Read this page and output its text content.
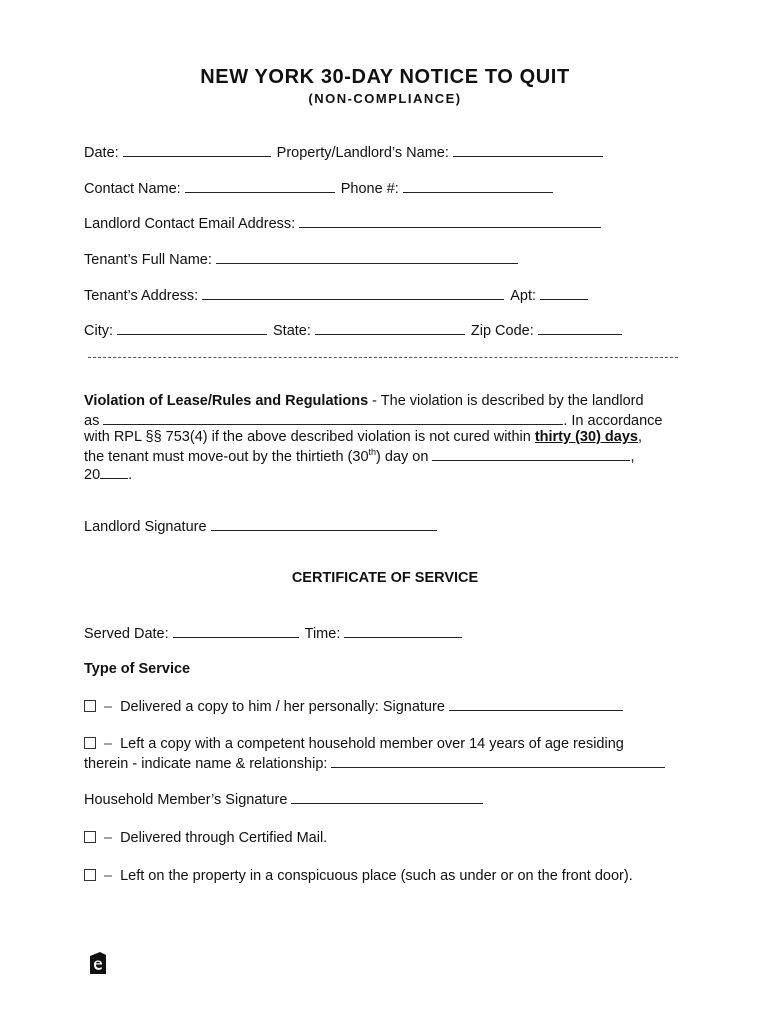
NEW YORK 30-DAY NOTICE TO QUIT
(NON-COMPLIANCE)
Date:	Property/Landlord’s Name:
Contact Name:	Phone #:
Landlord Contact Email Address:
Tenant’s Full Name:
Tenant’s Address:	Apt:
City:	State:	Zip Code:
Violation of Lease/Rules and Regulations - The violation is described by the landlord
as	. In accordance
with RPL §§ 753(4) if the above described violation is not cured within thirty (30) days,
the tenant must move-out by the thirtieth (30th) day on	,
20 .
Landlord Signature
CERTIFICATE OF SERVICE
Served Date:	Time:
Type of Service
– Delivered a copy to him / her personally: Signature
– Left a copy with a competent household member over 14 years of age residing
therein - indicate name & relationship:
Household Member’s Signature
– Delivered through Certified Mail.
– Left on the property in a conspicuous place (such as under or on the front door).
